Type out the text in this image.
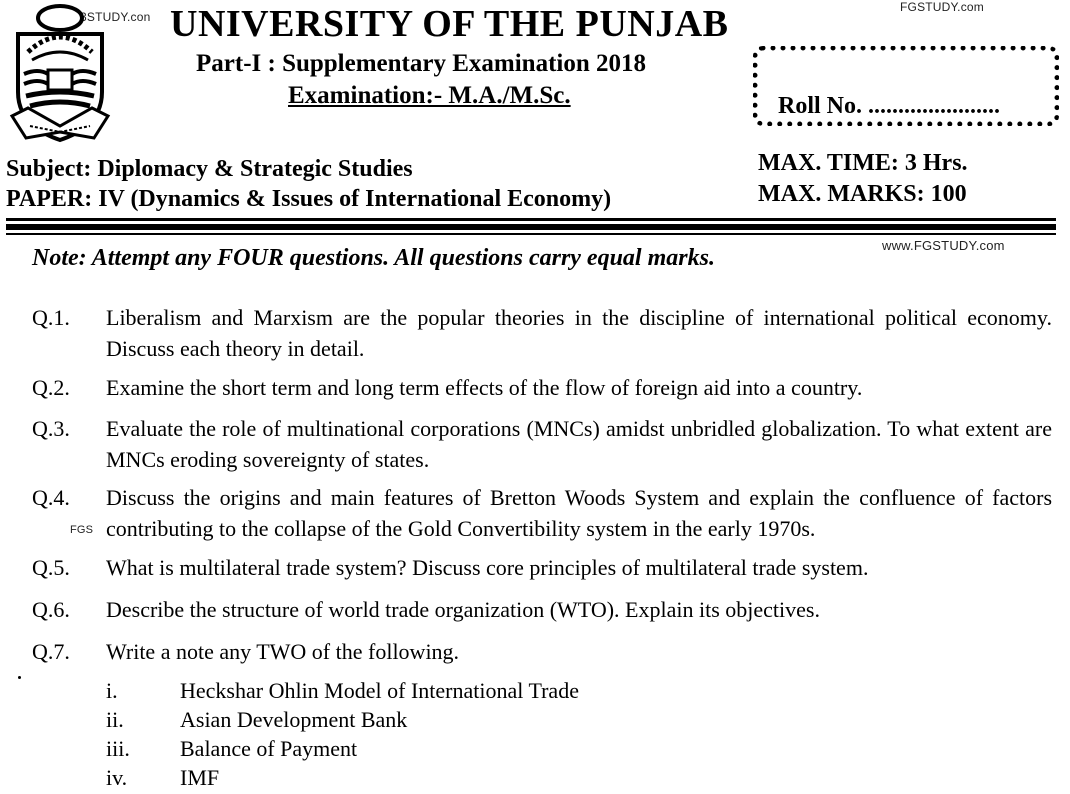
3STUDY.con
FGSTUDY.com
www.FGSTUDY.com
FGS
UNIVERSITY OF THE PUNJAB
Part-I : Supplementary Examination 2018
Examination:- M.A./M.Sc.	Roll No. ......................
Subject: Diplomacy & Strategic Studies
PAPER: IV (Dynamics & Issues of International Economy)
MAX. TIME: 3 Hrs.
MAX. MARKS: 100
Note: Attempt any FOUR questions. All questions carry equal marks.
Q.1.	Liberalism and Marxism are the popular theories in the discipline of international political economy. Discuss each theory in detail.
Q.2.	Examine the short term and long term effects of the flow of foreign aid into a country.
Q.3.	Evaluate the role of multinational corporations (MNCs) amidst unbridled globalization. To what extent are MNCs eroding sovereignty of states.
Q.4.	Discuss the origins and main features of Bretton Woods System and explain the confluence of factors contributing to the collapse of the Gold Convertibility system in the early 1970s.
Q.5.	What is multilateral trade system? Discuss core principles of multilateral trade system.
Q.6.	Describe the structure of world trade organization (WTO). Explain its objectives.
Q.7.	Write a note any TWO of the following.
i.	Heckshar Ohlin Model of International Trade
ii.	Asian Development Bank
iii. Balance of Payment
iv. IMF
